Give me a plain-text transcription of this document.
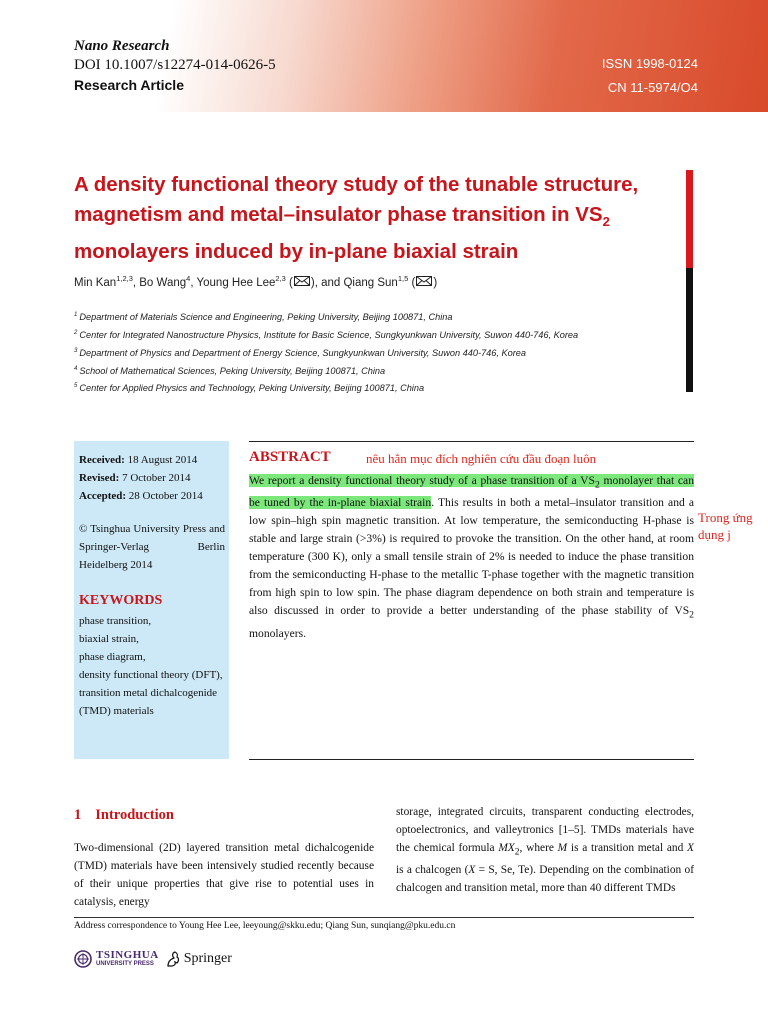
Nano Research
DOI 10.1007/s12274-014-0626-5
Research Article
ISSN 1998-0124
CN 11-5974/O4
A density functional theory study of the tunable structure,
magnetism and metal–insulator phase transition in $VS_2$
monolayers induced by in-plane biaxial strain
Min Kan$^{1,2,3}$, Bo Wang$^4$, Young Hee Lee$^{2,3}$ ( ), and Qiang Sun$^{1,5}$ ( )
$^1$ Department of Materials Science and Engineering, Peking University, Beijing 100871, China
$^2$ Center for Integrated Nanostructure Physics, Institute for Basic Science, Sungkyunkwan University, Suwon 440-746, Korea
$^3$ Department of Physics and Department of Energy Science, Sungkyunkwan University, Suwon 440-746, Korea
$^4$ School of Mathematical Sciences, Peking University, Beijing 100871, China
$^5$ Center for Applied Physics and Technology, Peking University, Beijing 100871, China
Received: 18 August 2014
Revised: 7 October 2014
Accepted: 28 October 2014
© Tsinghua University Press and Springer-Verlag Berlin Heidelberg 2014
KEYWORDS
phase transition,
biaxial strain,
phase diagram,
density functional theory (DFT),
transition metal dichalcogenide (TMD) materials
ABSTRACT	nêu hẳn mục đích nghiên cứu đầu đoạn luôn

We report a density functional theory study of a phase transition of a $VS_2$ monolayer that can be tuned by the in-plane biaxial strain. This results in both a metal–insulator transition and a low spin–high spin magnetic transition. At low temperature, the semiconducting H-phase is stable and large strain (>3%) is required to provoke the transition. On the other hand, at room temperature (300 K), only a small tensile strain of 2% is needed to induce the phase transition from the semiconducting H-phase to the metallic T-phase together with the magnetic transition from high spin to low spin. The phase diagram dependence on both strain and temperature is also discussed in order to provide a better understanding of the phase stability of $VS_2$ monolayers.

Trong ứng dụng j
1 Introduction

Two-dimensional (2D) layered transition metal dichalcogenide (TMD) materials have been intensively studied recently because of their unique properties that give rise to potential uses in catalysis, energy

storage, integrated circuits, transparent conducting electrodes, optoelectronics, and valleytronics [1–5]. TMDs materials have the chemical formula $MX_2$, where M is a transition metal and X is a chalcogen (X = S, Se, Te). Depending on the combination of chalcogen and transition metal, more than 40 different TMDs

Address correspondence to Young Hee Lee, leeyoung@skku.edu; Qiang Sun, sunqiang@pku.edu.cn
TSINGHUA
UNIVERSITY PRESS	Springer
